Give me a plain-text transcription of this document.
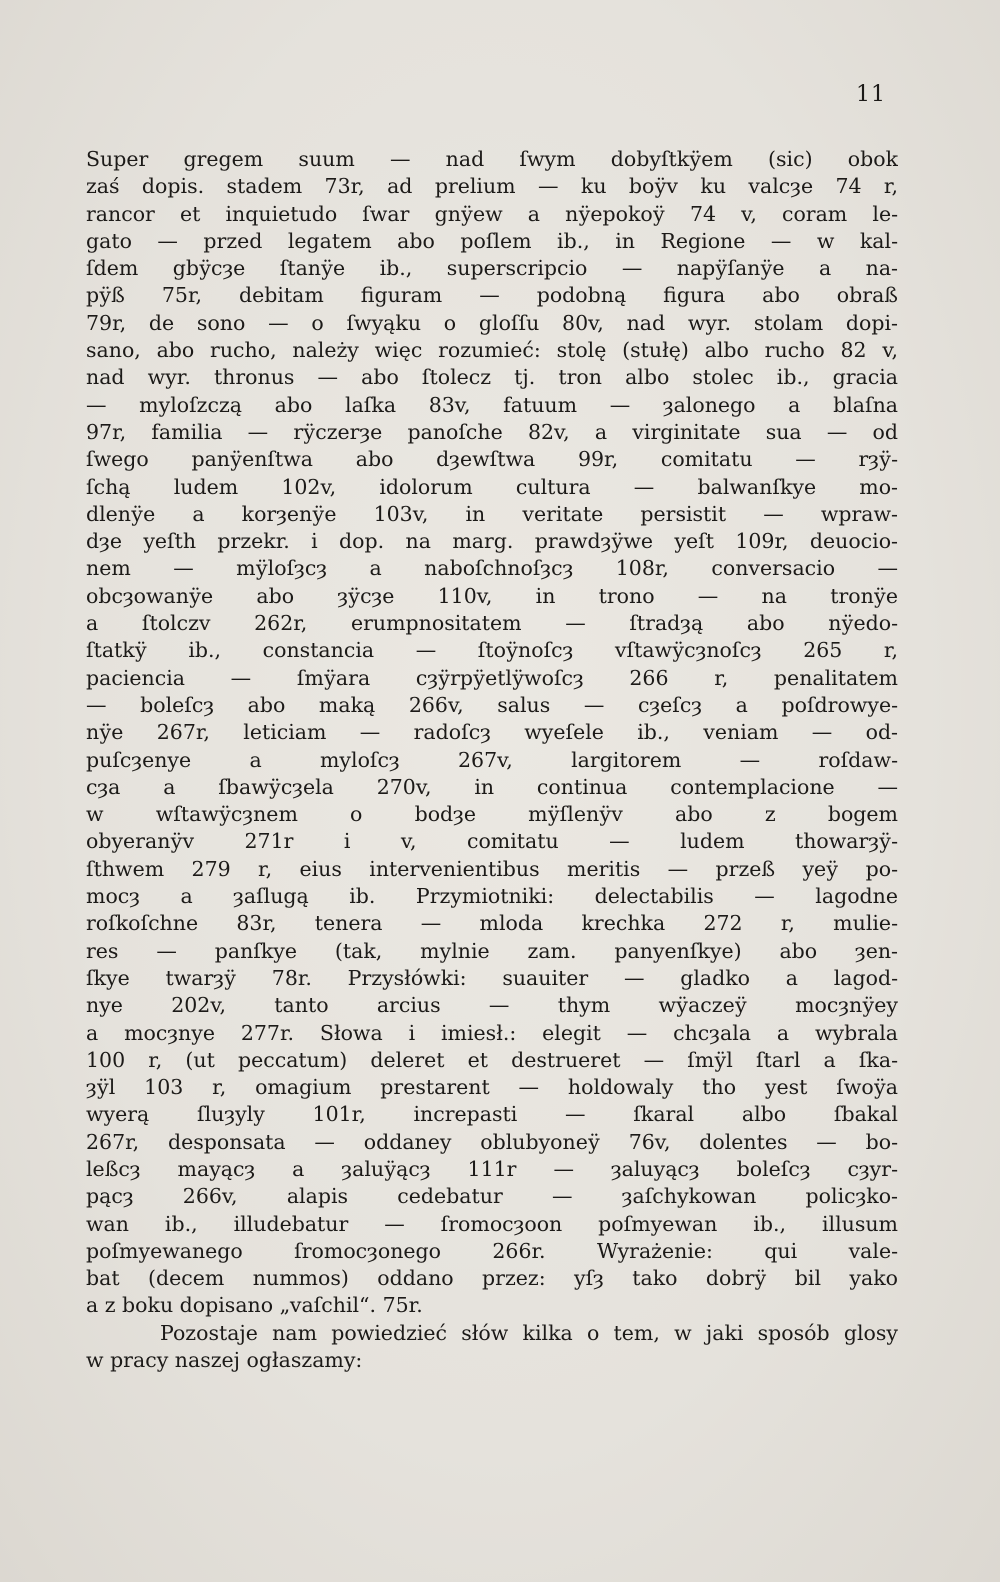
11
Super gregem suum — nad ſwym dobyſtkӱem (sic) obok
zaś dopis. stadem 73r, ad prelium — ku boӱv ku valcȝe 74 r,
rancor et inquietudo ſwar gnӱew a nӱepokoӱ 74 v, coram le-
gato — przed legatem abo poſlem ib., in Regione — w kal-
ſdem gbӱcȝe ſtanӱe ib., superscripcio — napӱſanӱe a na-
pӱß 75r, debitam figuram — podobną figura abo obraß
79r, de sono — o ſwyąku o gloſſu 80v, nad wyr. stolam dopi-
sano, abo rucho, należy więc rozumieć: stolę (stułę) albo rucho 82 v,
nad wyr. thronus — abo ſtolecz tj. tron albo stolec ib., gracia
— myloſzczą abo laſka 83v, fatuum — ȝalonego a blaſna
97r, familia — rӱczerȝe panoſche 82v, a virginitate sua — od
ſwego panӱenſtwa abo dȝewſtwa 99r, comitatu — rȝӱ-
ſchą ludem 102v, idolorum cultura — balwanſkye mo-
dlenӱe a korȝenӱe 103v, in veritate persistit — wpraw-
dȝe yeſth przekr. i dop. na marg. prawdȝӱwe yeſt 109r, deuocio-
nem — mӱloſȝcȝ a naboſchnoſȝcȝ 108r, conversacio —
obcȝowanӱe abo ȝӱcȝe 110v, in trono — na tronӱe
a ſtolczv 262r, erumpnositatem — ſtradȝą abo nӱedo-
ſtatkӱ ib., constancia — ſtoӱnoſcȝ vſtawӱcȝnoſcȝ 265 r,
paciencia — ſmӱara cȝӱrpӱetlӱwoſcȝ 266 r, penalitatem
— boleſcȝ abo maką 266v, salus — cȝeſcȝ a poſdrowye-
nӱe 267r, leticiam — radoſcȝ wyeſele ib., veniam — od-
puſcȝenye a myloſcȝ 267v, largitorem — roſdaw-
cȝa a ſbawӱcȝela 270v, in continua contemplacione —
w wſtawӱcȝnem o bodȝe mӱſlenӱv abo z bogem
obyeranӱv 271r i v, comitatu — ludem thowarȝӱ-
ſthwem 279 r, eius intervenientibus meritis — przeß yeӱ po-
mocȝ a ȝaſlugą ib. Przymiotniki: delectabilis — lagodne
roſkoſchne 83r, tenera — mloda krechka 272 r, mulie-
res — panſkye (tak, mylnie zam. panyenſkye) abo ȝen-
ſkye twarȝӱ 78r. Przysłówki: suauiter — gladko a lagod-
nye 202v, tanto arcius — thym wӱaczeӱ mocȝnӱey
a mocȝnye 277r. Słowa i imiesł.: elegit — chcȝala a wybrala
100 r, (ut peccatum) deleret et destrueret — ſmӱl ſtarl a ſka-
ȝӱl 103 r, omagium prestarent — holdowaly tho yest ſwoӱa
wyerą ſluȝyly 101r, increpasti — ſkaral albo ſbakal
267r, desponsata — oddaney oblubyoneӱ 76v, dolentes — bo-
leßcȝ mayącȝ a ȝaluӱącȝ 111r — ȝaluyącȝ boleſcȝ cȝyr-
pącȝ 266v, alapis cedebatur — ȝaſchykowan policȝko-
wan ib., illudebatur — ſromocȝoon poſmyewan ib., illusum
poſmyewanego ſromocȝonego 266r. Wyrażenie: qui vale-
bat (decem nummos) oddano przez: yſȝ tako dobrӱ bil yako
a z boku dopisano „vaſchil“. 75r.
Pozostaje nam powiedzieć słów kilka o tem, w jaki sposób glosy
w pracy naszej ogłaszamy:
